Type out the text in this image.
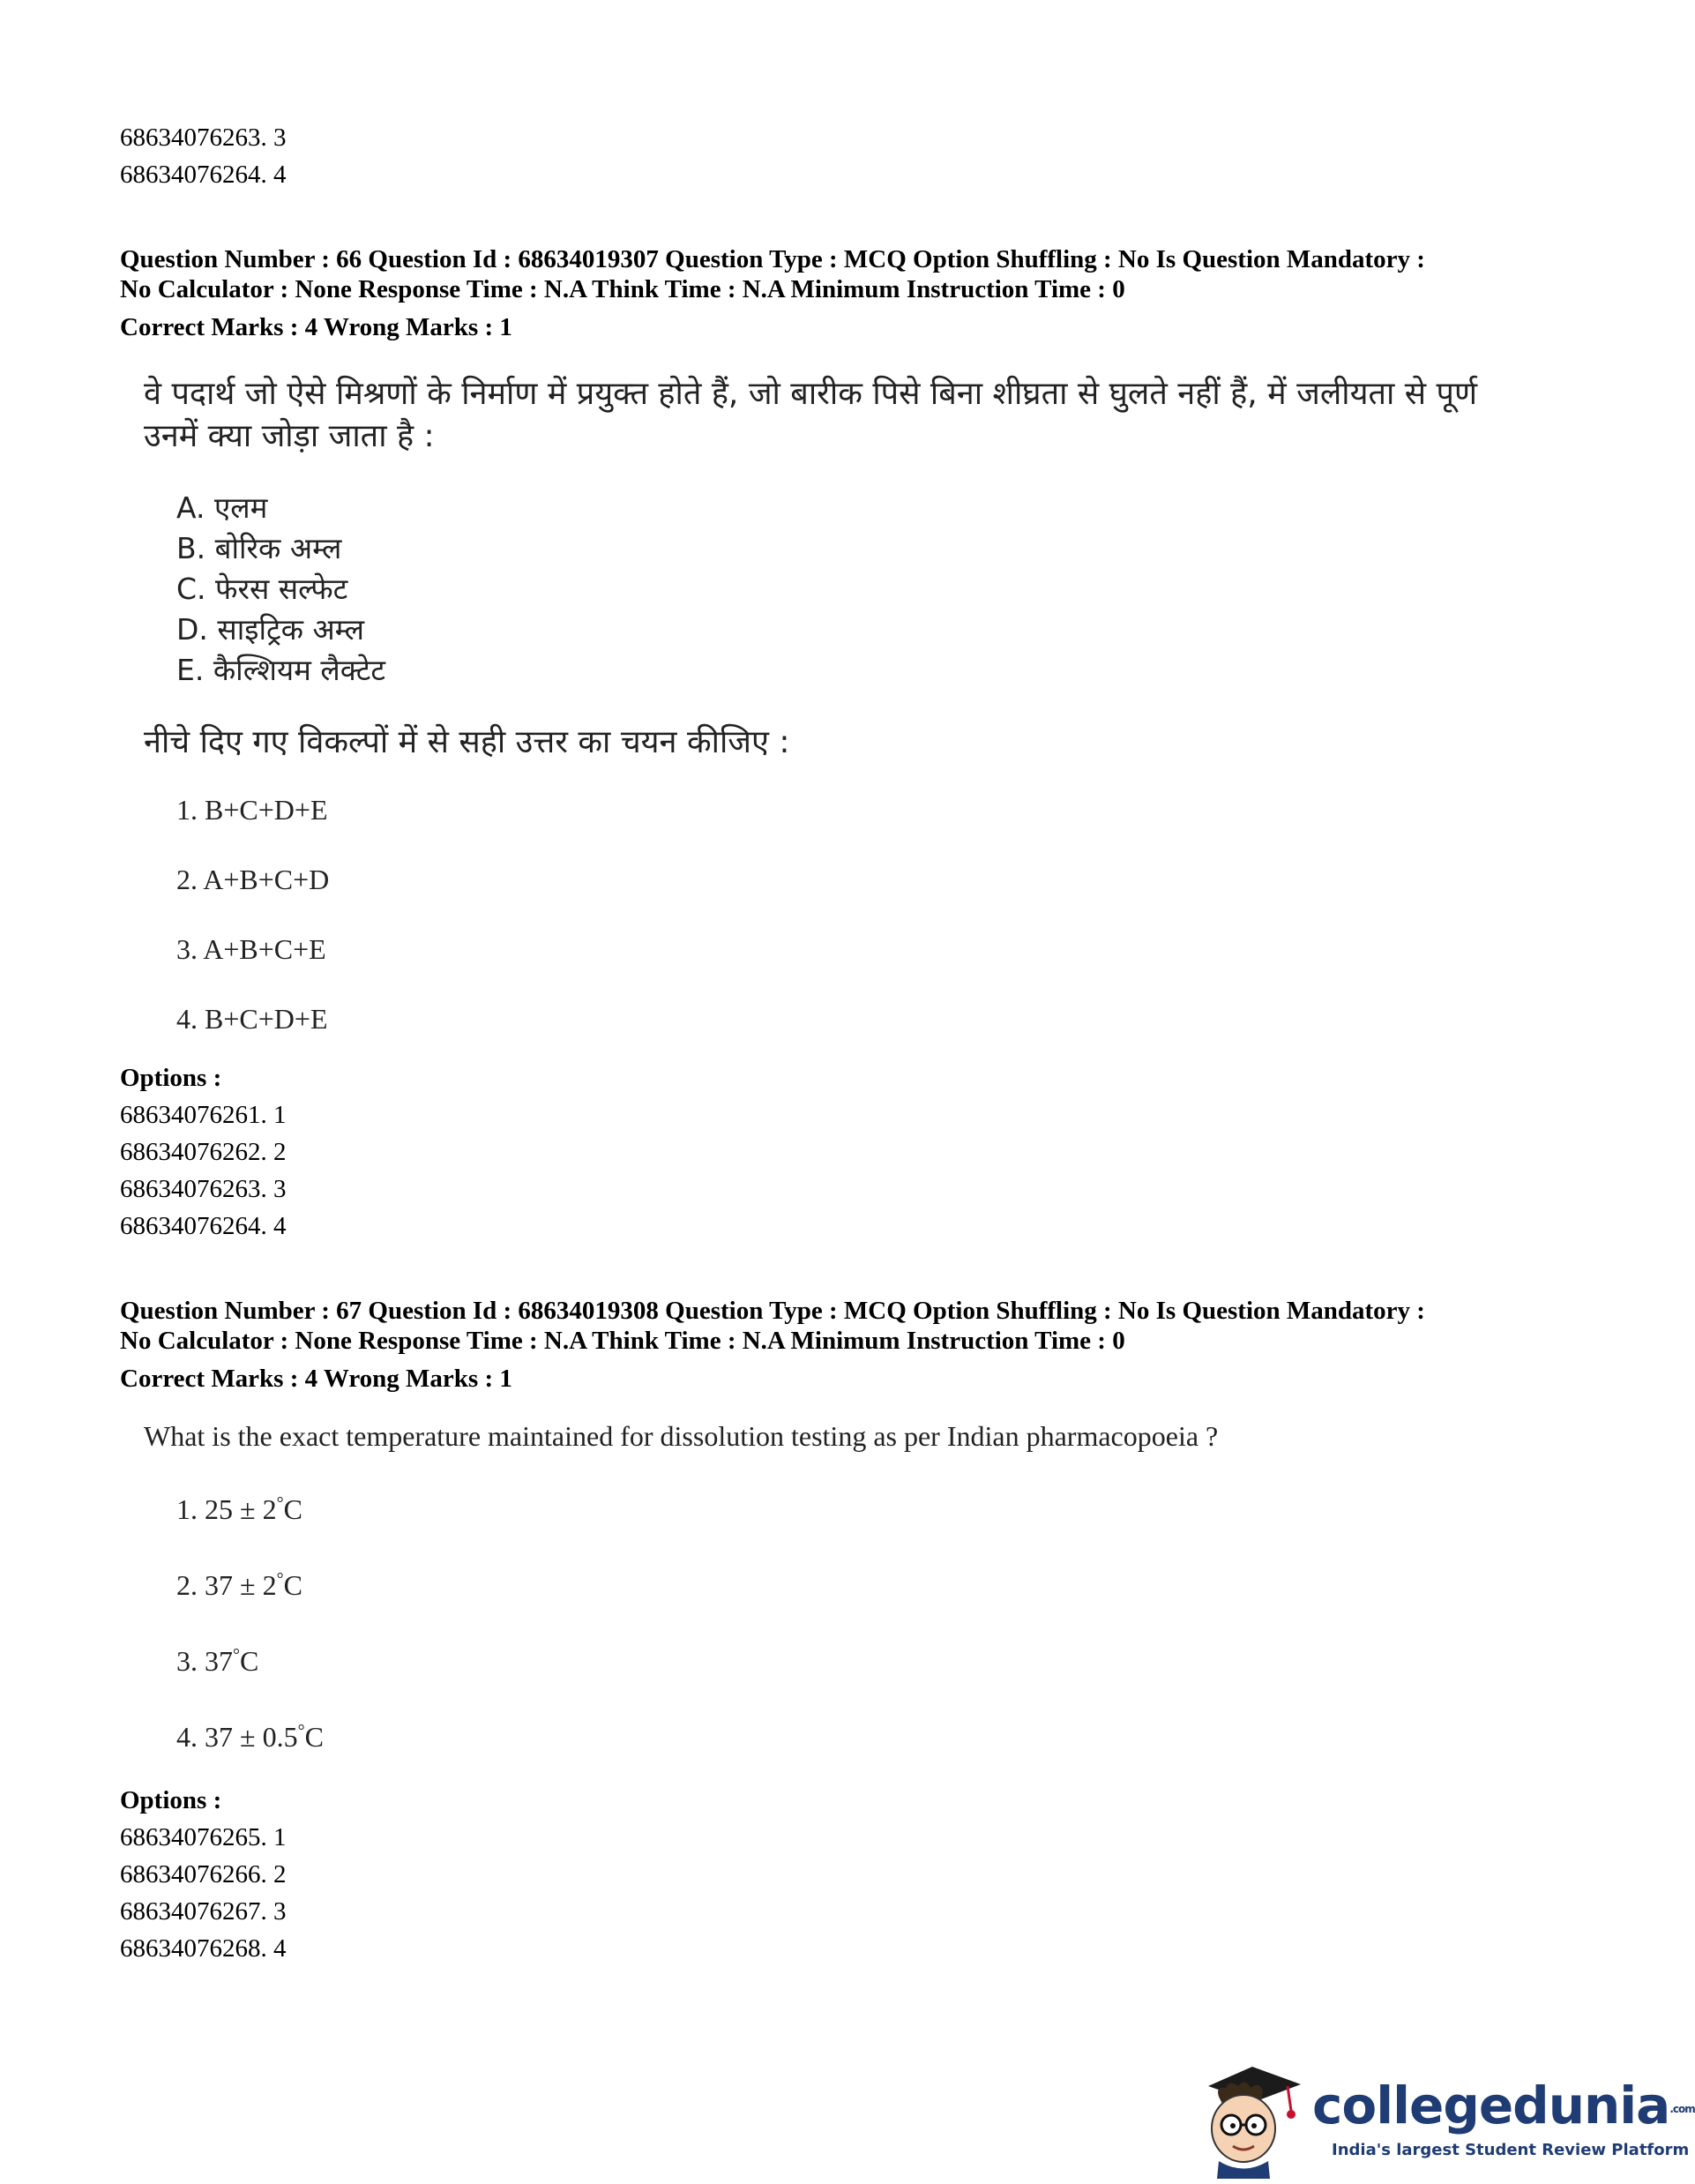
68634076263. 3
68634076264. 4
Question Number : 66 Question Id : 68634019307 Question Type : MCQ Option Shuffling : No Is Question Mandatory :
No Calculator : None Response Time : N.A Think Time : N.A Minimum Instruction Time : 0
Correct Marks : 4 Wrong Marks : 1
वे पदार्थ जो ऐसे मिश्रणों के निर्माण में प्रयुक्त होते हैं, जो बारीक पिसे बिना शीघ्रता से घुलते नहीं हैं, में जलीयता से पूर्ण
उनमें क्या जोड़ा जाता है :
A. एलम
B. बोरिक अम्ल
C. फेरस सल्फेट
D. साइट्रिक अम्ल
E. कैल्शियम लैक्टेट
नीचे दिए गए विकल्पों में से सही उत्तर का चयन कीजिए :
1. B+C+D+E
2. A+B+C+D
3. A+B+C+E
4. B+C+D+E
Options :
68634076261. 1
68634076262. 2
68634076263. 3
68634076264. 4
Question Number : 67 Question Id : 68634019308 Question Type : MCQ Option Shuffling : No Is Question Mandatory :
No Calculator : None Response Time : N.A Think Time : N.A Minimum Instruction Time : 0
Correct Marks : 4 Wrong Marks : 1
What is the exact temperature maintained for dissolution testing as per Indian pharmacopoeia ?
1. 25 ± 2°C
2. 37 ± 2°C
3. 37°C
4. 37 ± 0.5°C
Options :
68634076265. 1
68634076266. 2
68634076267. 3
68634076268. 4
collegedunia.com
India's largest Student Review Platform
